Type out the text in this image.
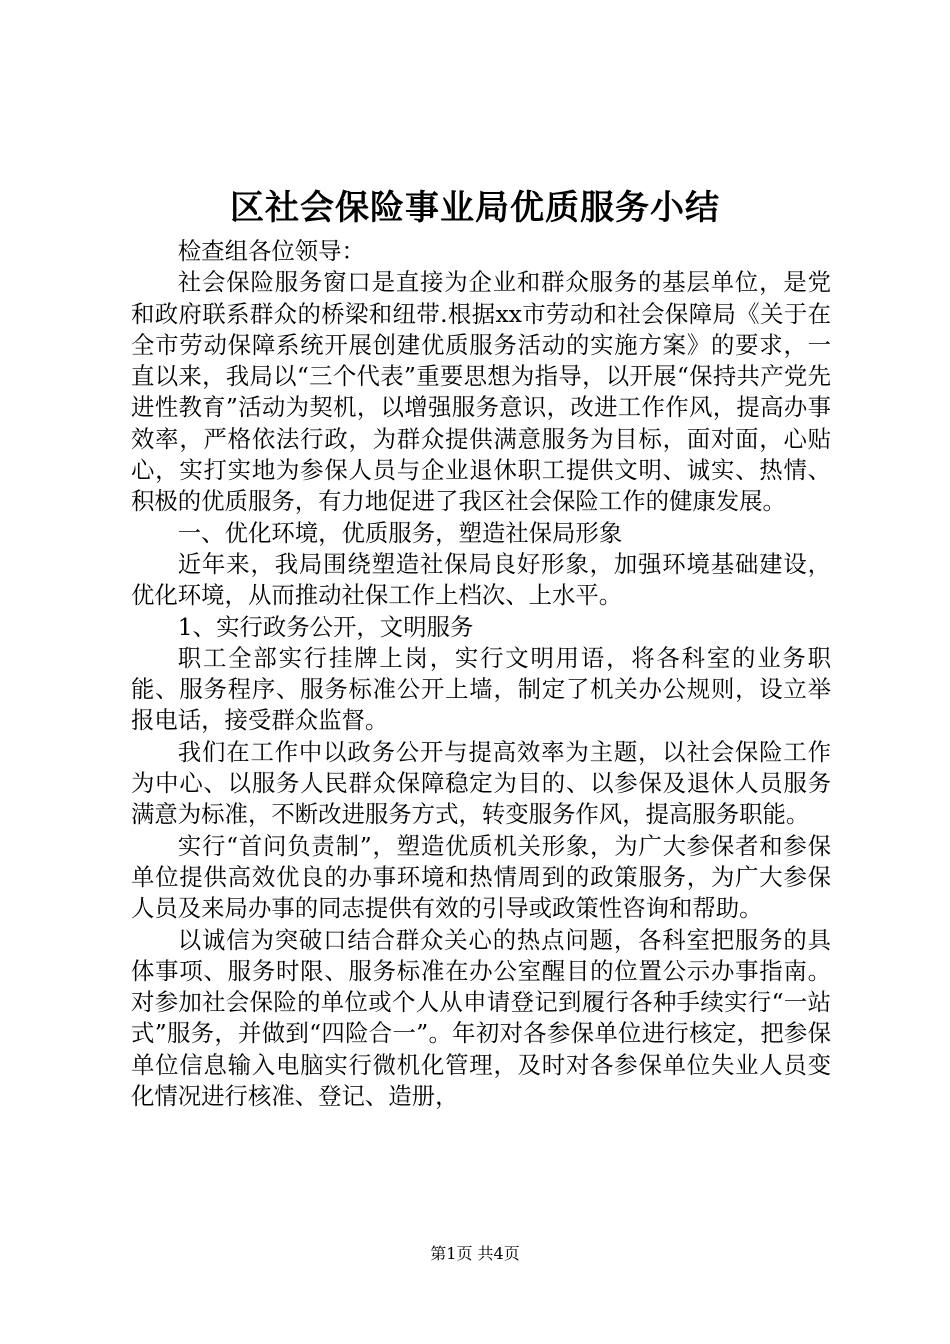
区社会保险事业局优质服务小结

检查组各位领导：

社会保险服务窗口是直接为企业和群众服务的基层单位，是党和政府联系群众的桥梁和纽带.根据xx市劳动和社会保障局《关于在全市劳动保障系统开展创建优质服务活动的实施方案》的要求，一直以来，我局以“三个代表”重要思想为指导，以开展“保持共产党先进性教育”活动为契机，以增强服务意识，改进工作作风，提高办事效率，严格依法行政，为群众提供满意服务为目标，面对面，心贴心，实打实地为参保人员与企业退休职工提供文明、诚实、热情、积极的优质服务，有力地促进了我区社会保险工作的健康发展。

一、优化环境，优质服务，塑造社保局形象

近年来，我局围绕塑造社保局良好形象，加强环境基础建设，优化环境，从而推动社保工作上档次、上水平。

1、实行政务公开，文明服务

职工全部实行挂牌上岗，实行文明用语，将各科室的业务职能、服务程序、服务标准公开上墙，制定了机关办公规则，设立举报电话，接受群众监督。

我们在工作中以政务公开与提高效率为主题，以社会保险工作为中心、以服务人民群众保障稳定为目的、以参保及退休人员服务满意为标准，不断改进服务方式，转变服务作风，提高服务职能。

实行“首问负责制”，塑造优质机关形象，为广大参保者和参保单位提供高效优良的办事环境和热情周到的政策服务，为广大参保人员及来局办事的同志提供有效的引导或政策性咨询和帮助。

以诚信为突破口结合群众关心的热点问题，各科室把服务的具体事项、服务时限、服务标准在办公室醒目的位置公示办事指南。对参加社会保险的单位或个人从申请登记到履行各种手续实行“一站式”服务，并做到“四险合一”。年初对各参保单位进行核定，把参保单位信息输入电脑实行微机化管理，及时对各参保单位失业人员变化情况进行核准、登记、造册，

第1页 共4页
